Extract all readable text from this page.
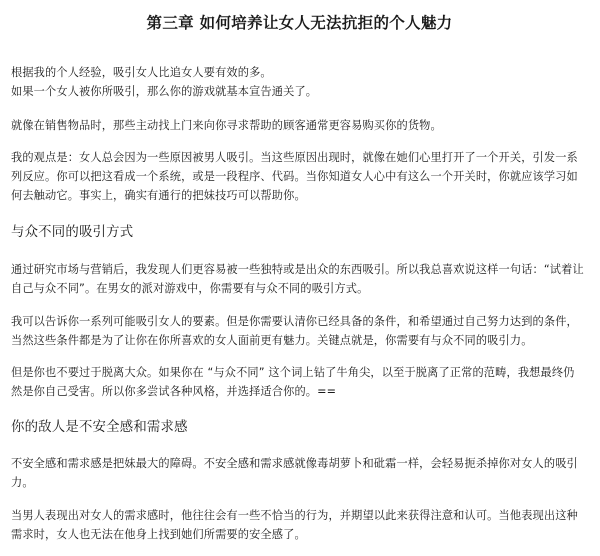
第三章 如何培养让女人无法抗拒的个人魅力
根据我的个人经验，吸引女人比追女人要有效的多。
如果一个女人被你所吸引，那么你的游戏就基本宣告通关了。
就像在销售物品时，那些主动找上门来向你寻求帮助的顾客通常更容易购买你的货物。
我的观点是：女人总会因为一些原因被男人吸引。当这些原因出现时，就像在她们心里打开了一个开关，引发一系
列反应。你可以把这看成一个系统，或是一段程序、代码。当你知道女人心中有这么一个开关时，你就应该学习如
何去触动它。事实上，确实有通行的把妹技巧可以帮助你。
与众不同的吸引方式
通过研究市场与营销后，我发现人们更容易被一些独特或是出众的东西吸引。所以我总喜欢说这样一句话：“试着让
自己与众不同”。在男女的派对游戏中，你需要有与众不同的吸引方式。
我可以告诉你一系列可能吸引女人的要素。但是你需要认清你已经具备的条件，和希望通过自己努力达到的条件，
当然这些条件都是为了让你在你所喜欢的女人面前更有魅力。关键点就是，你需要有与众不同的吸引力。
但是你也不要过于脱离大众。如果你在 “与众不同” 这个词上钻了牛角尖，以至于脱离了正常的范畴，我想最终仍
然是你自己受害。所以你多尝试各种风格，并选择适合你的。==
你的敌人是不安全感和需求感
不安全感和需求感是把妹最大的障碍。不安全感和需求感就像毒胡萝卜和砒霜一样，会轻易扼杀掉你对女人的吸引
力。
当男人表现出对女人的需求感时，他往往会有一些不恰当的行为，并期望以此来获得注意和认可。当他表现出这种
需求时，女人也无法在他身上找到她们所需要的安全感了。
